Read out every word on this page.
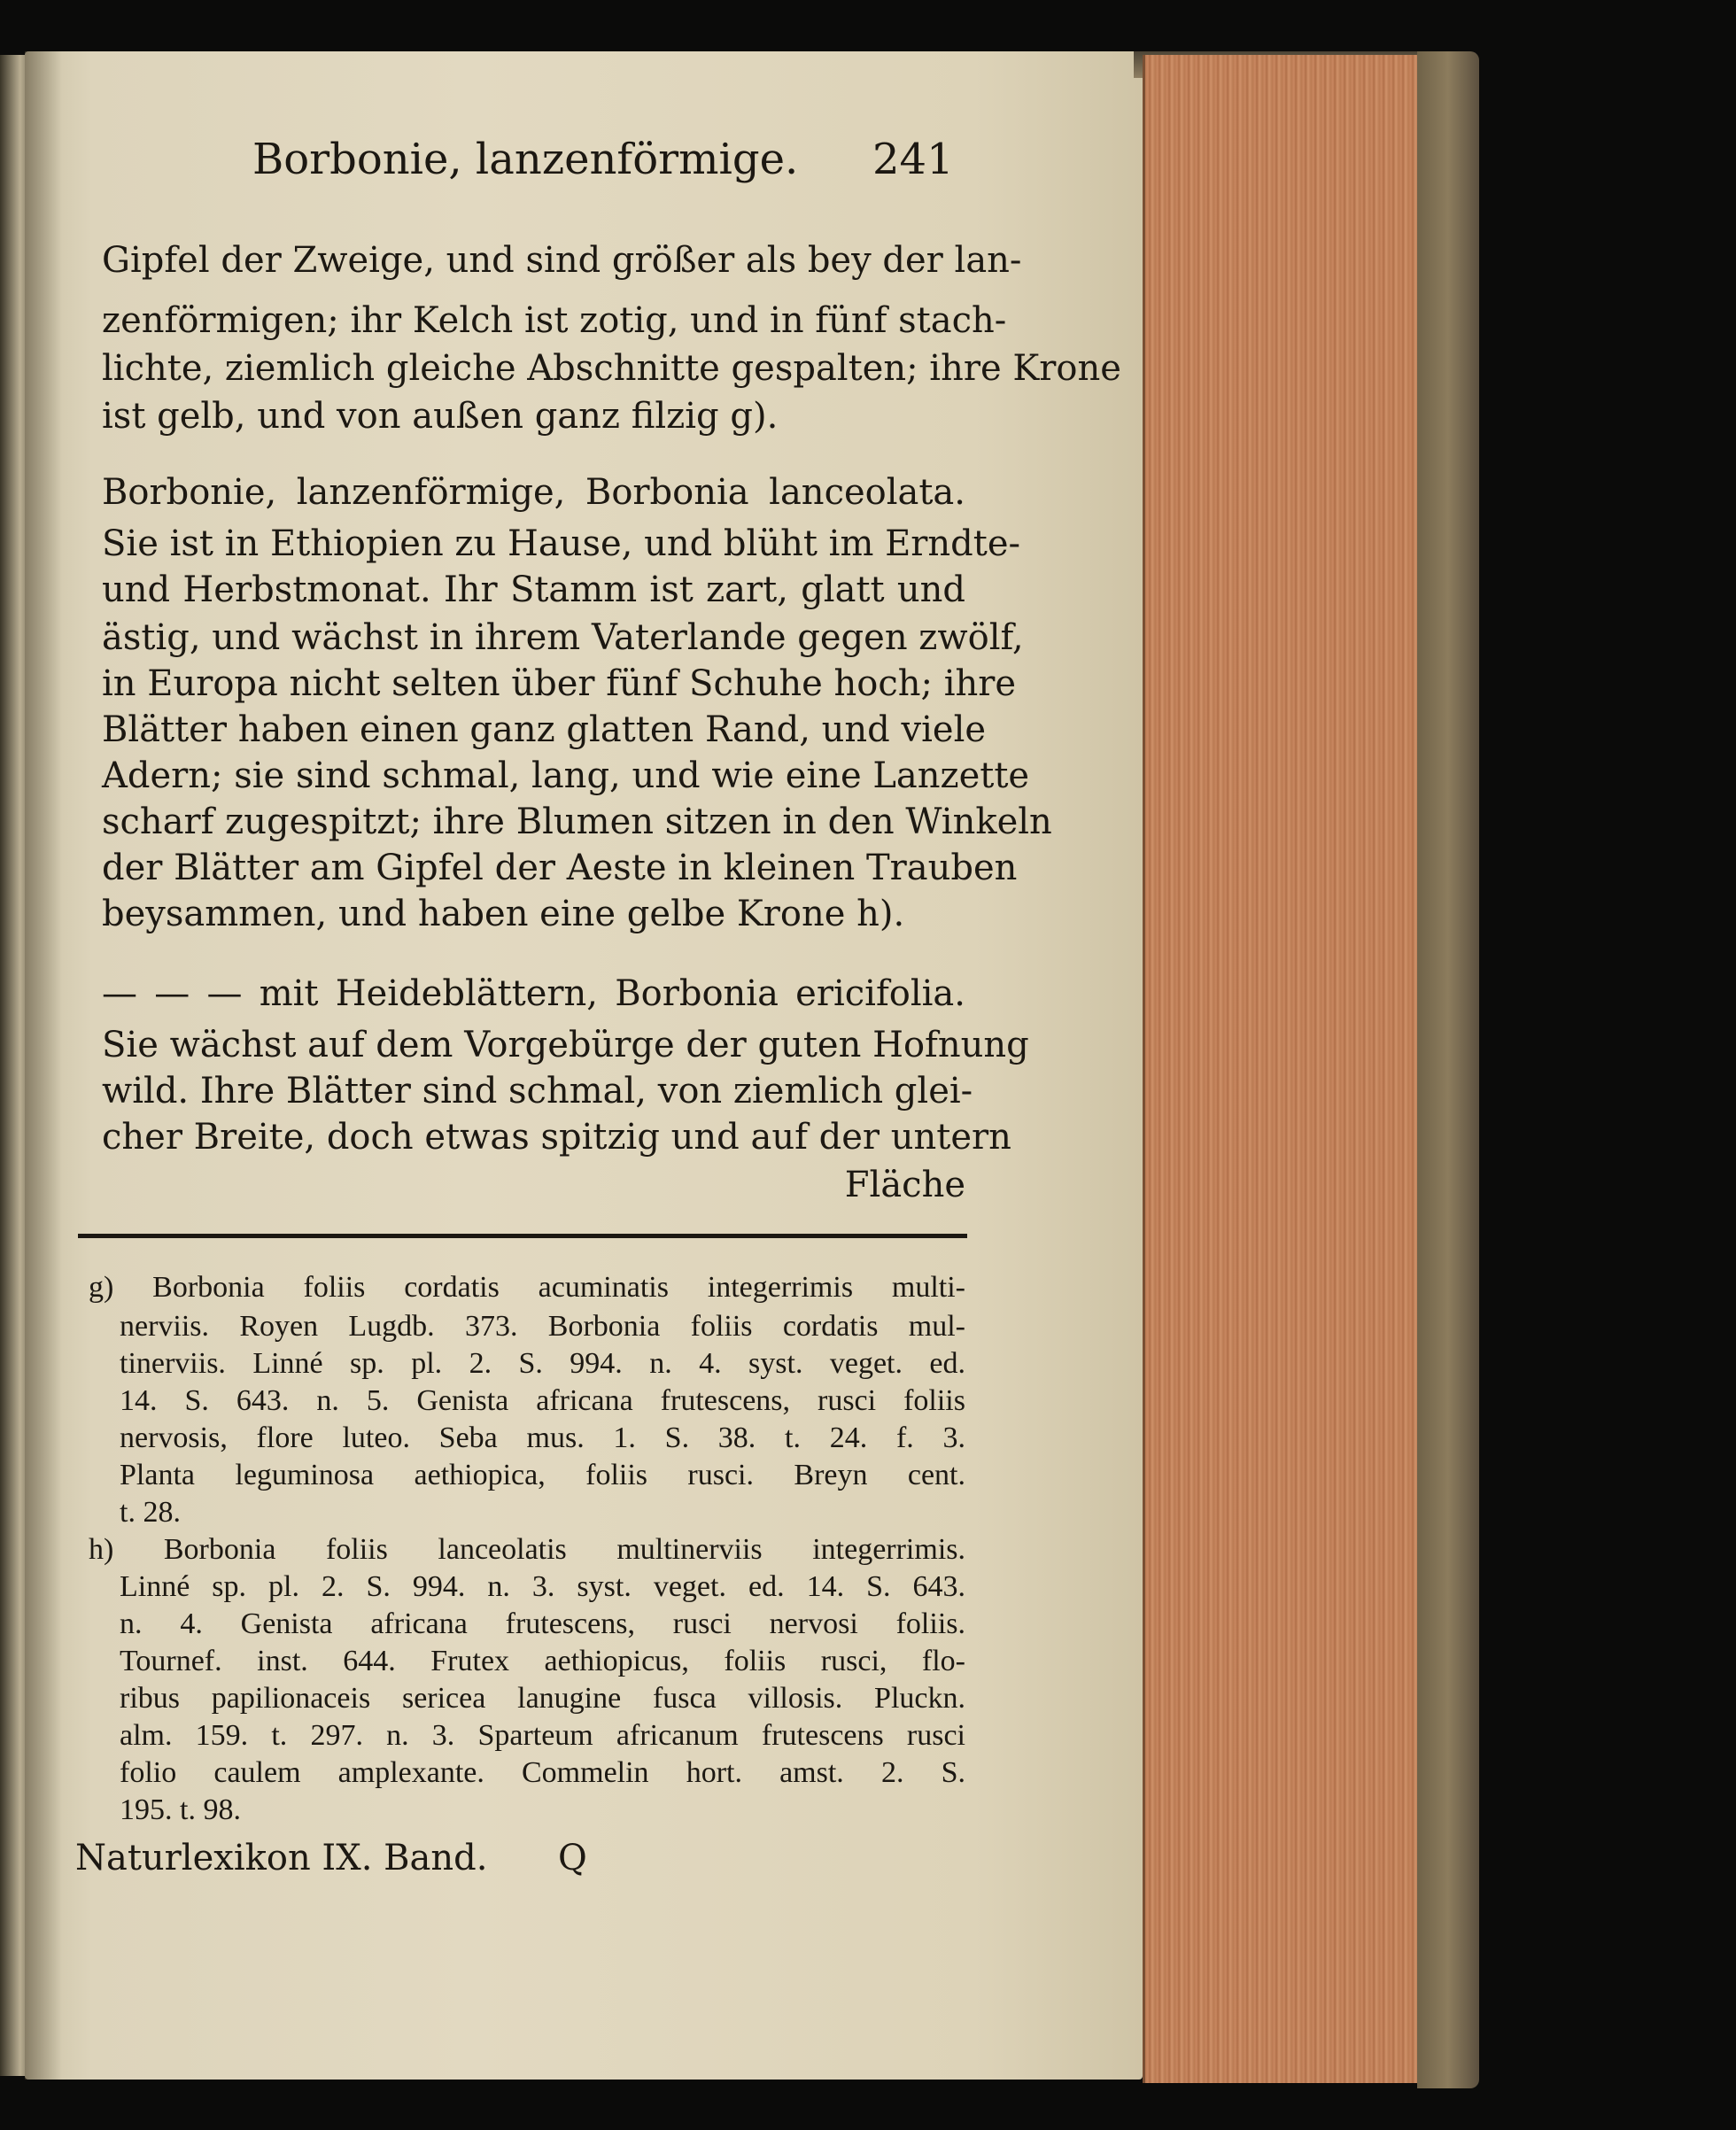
Borbonie, lanzenförmige. 241
Gipfel der Zweige, und sind größer als bey der lan-
zenförmigen; ihr Kelch ist zotig, und in fünf stach-
lichte, ziemlich gleiche Abschnitte gespalten; ihre Krone
ist gelb, und von außen ganz filzig g).
Borbonie, lanzenförmige, Borbonia lanceolata.
Sie ist in Ethiopien zu Hause, und blüht im Erndte-
und Herbstmonat. Ihr Stamm ist zart, glatt und
ästig, und wächst in ihrem Vaterlande gegen zwölf,
in Europa nicht selten über fünf Schuhe hoch; ihre
Blätter haben einen ganz glatten Rand, und viele
Adern; sie sind schmal, lang, und wie eine Lanzette
scharf zugespitzt; ihre Blumen sitzen in den Winkeln
der Blätter am Gipfel der Aeste in kleinen Trauben
beysammen, und haben eine gelbe Krone h).
— — — mit Heideblättern, Borbonia ericifolia.
Sie wächst auf dem Vorgebürge der guten Hofnung
wild. Ihre Blätter sind schmal, von ziemlich glei-
cher Breite, doch etwas spitzig und auf der untern
Fläche
g) Borbonia foliis cordatis acuminatis integerrimis multi-
nerviis. Royen Lugdb. 373. Borbonia foliis cordatis mul-
tinerviis. Linné sp. pl. 2. S. 994. n. 4. syst. veget. ed.
14. S. 643. n. 5. Genista africana frutescens, rusci foliis
nervosis, flore luteo. Seba mus. 1. S. 38. t. 24. f. 3.
Planta leguminosa aethiopica, foliis rusci. Breyn cent.
t. 28.
h) Borbonia foliis lanceolatis multinerviis integerrimis.
Linné sp. pl. 2. S. 994. n. 3. syst. veget. ed. 14. S. 643.
n. 4. Genista africana frutescens, rusci nervosi foliis.
Tournef. inst. 644. Frutex aethiopicus, foliis rusci, flo-
ribus papilionaceis sericea lanugine fusca villosis. Pluckn.
alm. 159. t. 297. n. 3. Sparteum africanum frutescens rusci
folio caulem amplexante. Commelin hort. amst. 2. S.
195. t. 98.
Naturlexikon IX. Band. Q
